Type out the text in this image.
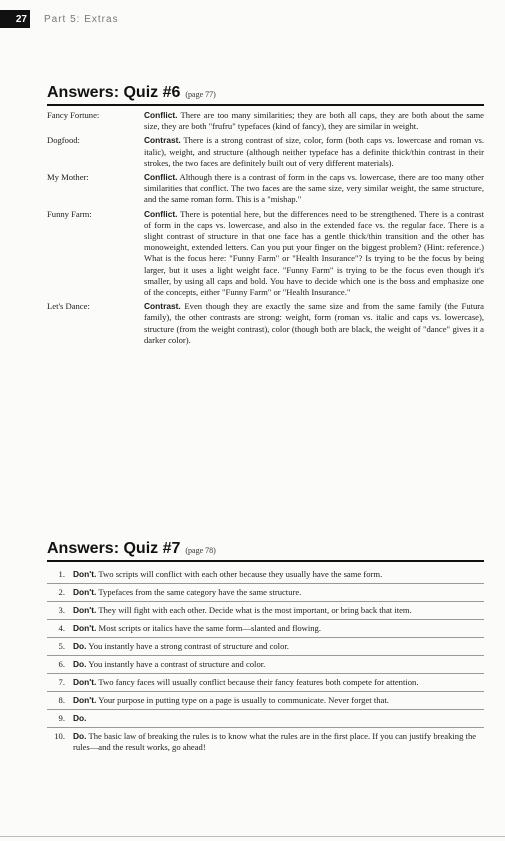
27	Part 5: Extras
Answers: Quiz #6 (page 77)
Fancy Fortune:	Conflict. There are too many similarities; they are both all caps, they are both about the same size, they are both "frufru" typefaces (kind of fancy), they are similar in weight.
Dogfood:	Contrast. There is a strong contrast of size, color, form (both caps vs. lowercase and roman vs. italic), weight, and structure (although neither typeface has a definite thick/thin contrast in their strokes, the two faces are definitely built out of very different materials).
My Mother:	Conflict. Although there is a contrast of form in the caps vs. lowercase, there are too many other similarities that conflict. The two faces are the same size, very similar weight, the same structure, and the same roman form. This is a "mishap."
Funny Farm:	Conflict. There is potential here, but the differences need to be strengthened. There is a contrast of form in the caps vs. lowercase, and also in the extended face vs. the regular face. There is a slight contrast of structure in that one face has a gentle thick/thin transition and the other has monoweight, extended letters. Can you put your finger on the biggest problem? (Hint: reference.) What is the focus here: "Funny Farm" or "Health Insurance"? Is trying to be the focus by being larger, but it uses a light weight face. "Funny Farm" is trying to be the focus even though it's smaller, by using all caps and bold. You have to decide which one is the boss and emphasize one of the concepts, either "Funny Farm" or "Health Insurance."
Let's Dance:	Contrast. Even though they are exactly the same size and from the same family (the Futura family), the other contrasts are strong: weight, form (roman vs. italic and caps vs. lowercase), structure (from the weight contrast), color (though both are black, the weight of "dance" gives it a darker color).
Answers: Quiz #7 (page 78)
1. Don't. Two scripts will conflict with each other because they usually have the same form.
2. Don't. Typefaces from the same category have the same structure.
3. Don't. They will fight with each other. Decide what is the most important, or bring back that item.
4. Don't. Most scripts or italics have the same form—slanted and flowing.
5. Do. You instantly have a strong contrast of structure and color.
6. Do. You instantly have a contrast of structure and color.
7. Don't. Two fancy faces will usually conflict because their fancy features both compete for attention.
8. Don't. Your purpose in putting type on a page is usually to communicate. Never forget that.
9. Do.
10. Do. The basic law of breaking the rules is to know what the rules are in the first place. If you can justify breaking the rules—and the result works, go ahead!
